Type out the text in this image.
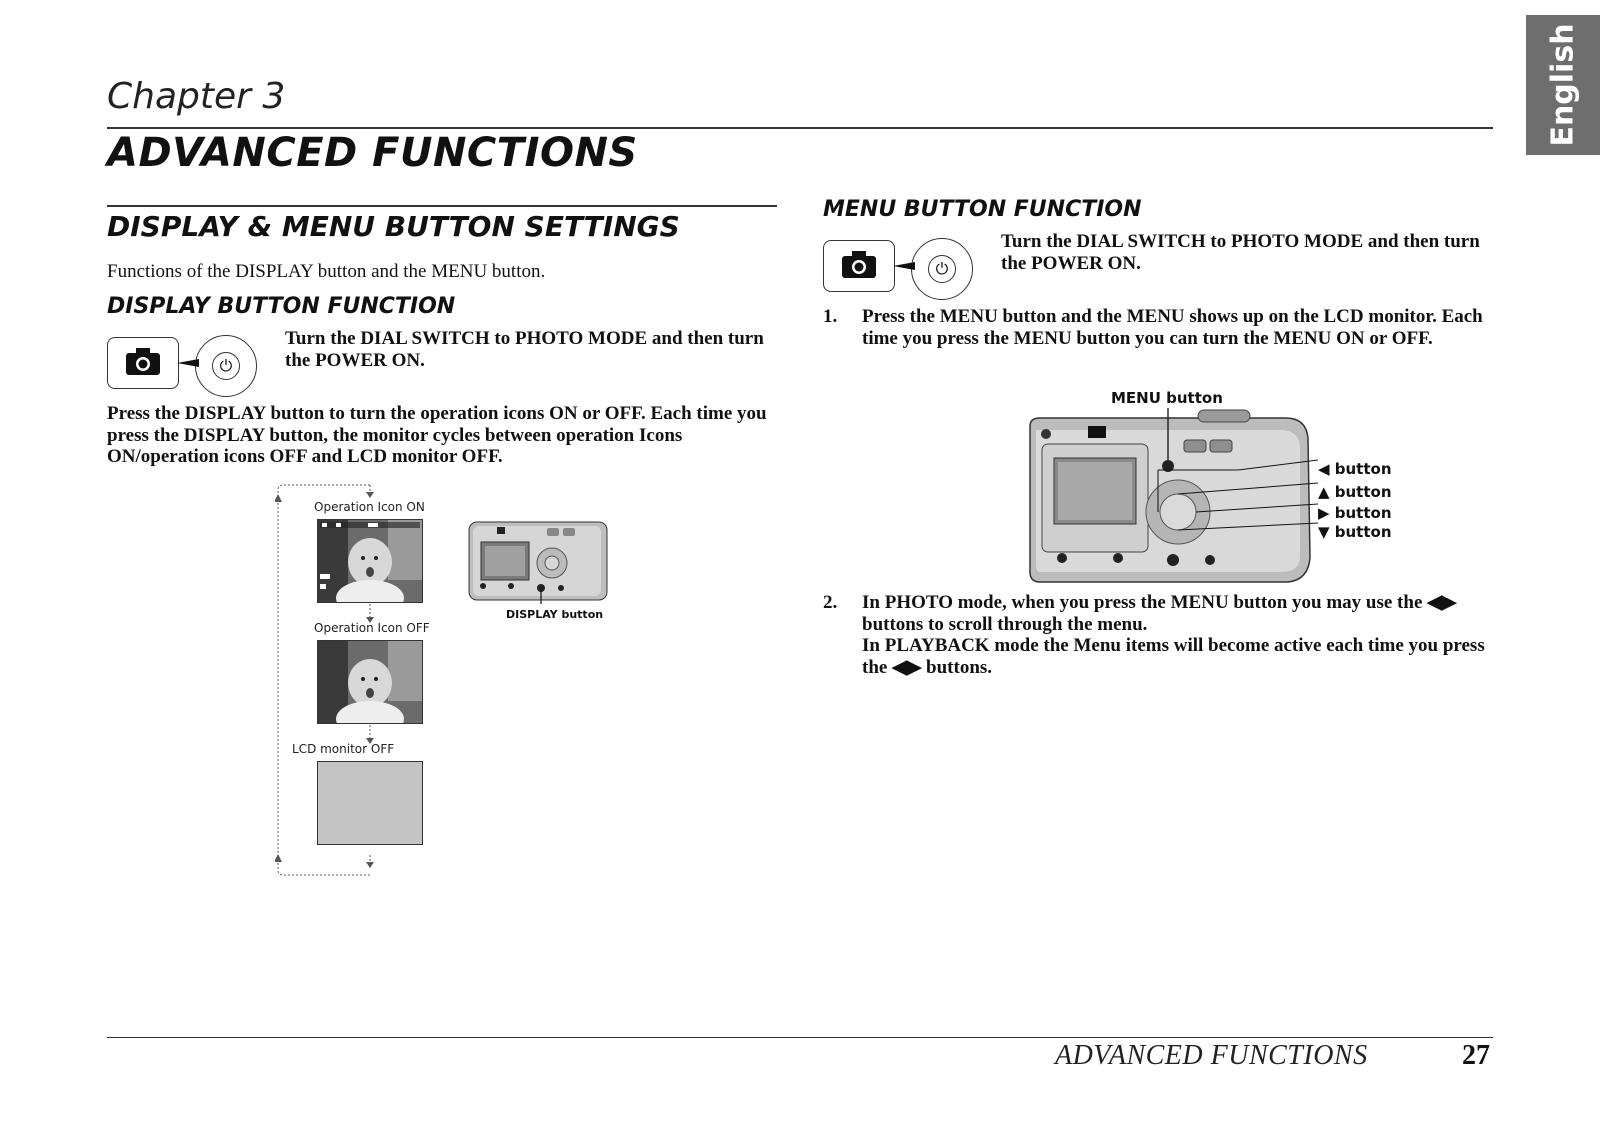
Chapter 3
ADVANCED FUNCTIONS
English
DISPLAY & MENU BUTTON SETTINGS
Functions of the DISPLAY button and the MENU button.
DISPLAY BUTTON FUNCTION
⏻
Turn the DIAL SWITCH to PHOTO MODE and then turn the POWER ON.
Press the DISPLAY button to turn the operation icons ON or OFF. Each time you press the DISPLAY button, the monitor cycles between operation Icons ON/operation icons OFF and LCD monitor OFF.
Operation Icon ON
Operation Icon OFF
LCD monitor OFF
DISPLAY button
MENU BUTTON FUNCTION
⏻
Turn the DIAL SWITCH to PHOTO MODE and then turn the POWER ON.
1. Press the MENU button and the MENU shows up on the LCD monitor. Each time you press the MENU button you can turn the MENU ON or OFF.
MENU button
◀ button
▲ button
▶ button
▼ button
2. In PHOTO mode, when you press the MENU button you may use the ◀▶ buttons to scroll through the menu.
In PLAYBACK mode the Menu items will become active each time you press the ◀▶ buttons.
ADVANCED FUNCTIONS	27
